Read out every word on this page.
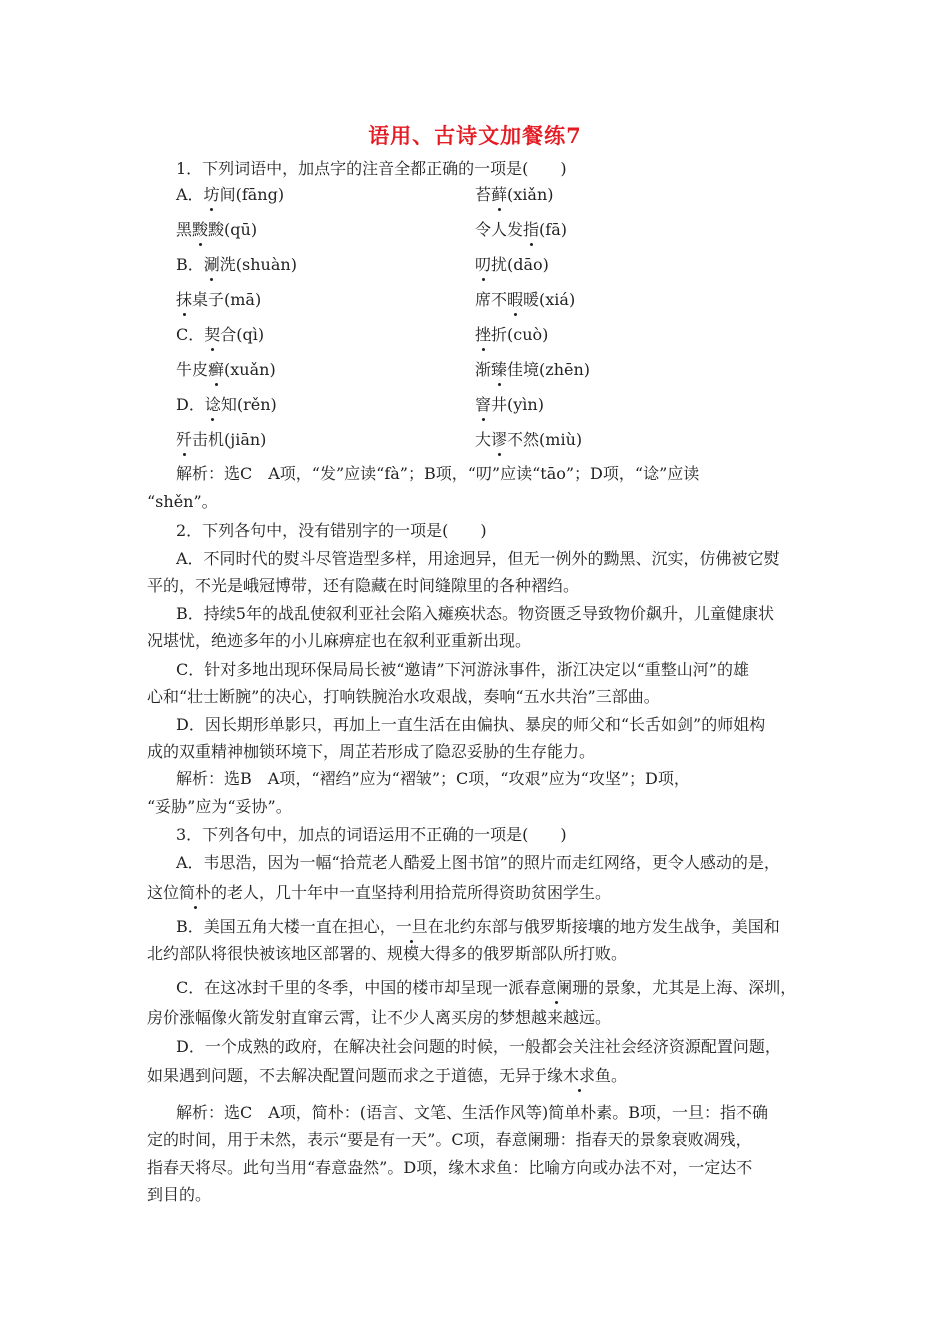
语用、古诗文加餐练7
1．下列词语中，加点字的注音全都正确的一项是(　　)
A．坊间(fāng)	苔藓(xiǎn)
黑黢黢(qū)	令人发指(fā)
B．涮洗(shuàn)	叨扰(dāo)
抹桌子(mā)	席不暇暖(xiá)
C．契合(qì)	挫折(cuò)
牛皮癣(xuǎn)	渐臻佳境(zhēn)
D．谂知(rěn)	窨井(yìn)
歼击机(jiān)	大谬不然(miù)
解析：选C　A项，“发”应读“fà”；B项，“叨”应读“tāo”；D项，“谂”应读
“shěn”。
2．下列各句中，没有错别字的一项是(　　)
A．不同时代的熨斗尽管造型多样，用途迥异，但无一例外的黝黑、沉实，仿佛被它熨
平的，不光是峨冠博带，还有隐藏在时间缝隙里的各种褶绉。
B．持续5年的战乱使叙利亚社会陷入瘫痪状态。物资匮乏导致物价飙升，儿童健康状
况堪忧，绝迹多年的小儿麻痹症也在叙利亚重新出现。
C．针对多地出现环保局局长被“邀请”下河游泳事件，浙江决定以“重整山河”的雄
心和“壮士断腕”的决心，打响铁腕治水攻艰战，奏响“五水共治”三部曲。
D．因长期形单影只，再加上一直生活在由偏执、暴戾的师父和“长舌如剑”的师姐构
成的双重精神枷锁环境下，周芷若形成了隐忍妥胁的生存能力。
解析：选B　A项，“褶绉”应为“褶皱”；C项，“攻艰”应为“攻坚”；D项，
“妥胁”应为“妥协”。
3．下列各句中，加点的词语运用不正确的一项是(　　)
A．韦思浩，因为一幅“拾荒老人酷爱上图书馆”的照片而走红网络，更令人感动的是，
这位简朴的老人，几十年中一直坚持利用拾荒所得资助贫困学生。
B．美国五角大楼一直在担心，一旦在北约东部与俄罗斯接壤的地方发生战争，美国和
北约部队将很快被该地区部署的、规模大得多的俄罗斯部队所打败。
C．在这冰封千里的冬季，中国的楼市却呈现一派春意阑珊的景象，尤其是上海、深圳，
房价涨幅像火箭发射直窜云霄，让不少人离买房的梦想越来越远。
D．一个成熟的政府，在解决社会问题的时候，一般都会关注社会经济资源配置问题，
如果遇到问题，不去解决配置问题而求之于道德，无异于缘木求鱼。
解析：选C　A项，简朴：(语言、文笔、生活作风等)简单朴素。B项，一旦：指不确
定的时间，用于未然，表示“要是有一天”。C项，春意阑珊：指春天的景象衰败凋残，
指春天将尽。此句当用“春意盎然”。D项，缘木求鱼：比喻方向或办法不对，一定达不
到目的。
